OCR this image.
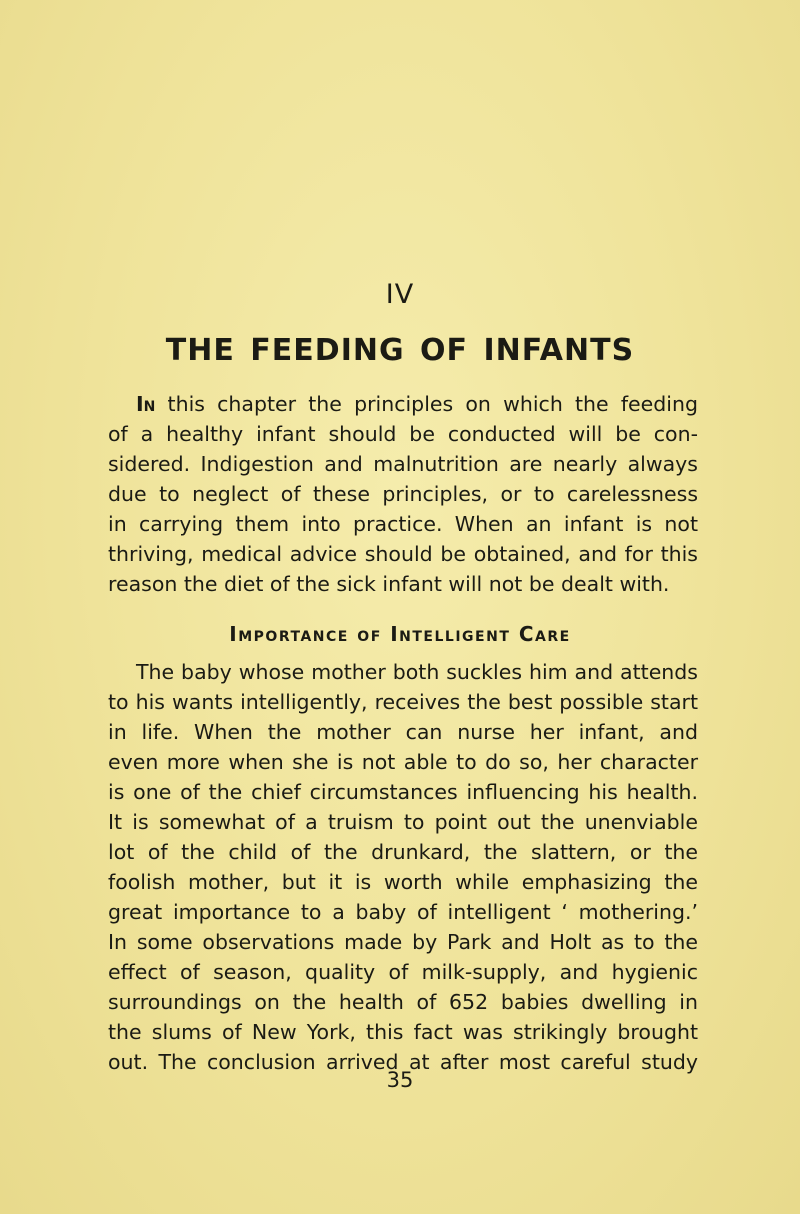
IV
THE FEEDING OF INFANTS
In this chapter the principles on which the feeding
of a healthy infant should be conducted will be con-
sidered. Indigestion and malnutrition are nearly always
due to neglect of these principles, or to carelessness
in carrying them into practice. When an infant is not
thriving, medical advice should be obtained, and for this
reason the diet of the sick infant will not be dealt with.
Importance of Intelligent Care
The baby whose mother both suckles him and attends
to his wants intelligently, receives the best possible start
in life. When the mother can nurse her infant, and
even more when she is not able to do so, her character
is one of the chief circumstances influencing his health.
It is somewhat of a truism to point out the unenviable
lot of the child of the drunkard, the slattern, or the
foolish mother, but it is worth while emphasizing the
great importance to a baby of intelligent ‘ mothering.’
In some observations made by Park and Holt as to the
effect of season, quality of milk-supply, and hygienic
surroundings on the health of 652 babies dwelling in
the slums of New York, this fact was strikingly brought
out. The conclusion arrived at after most careful study
35
